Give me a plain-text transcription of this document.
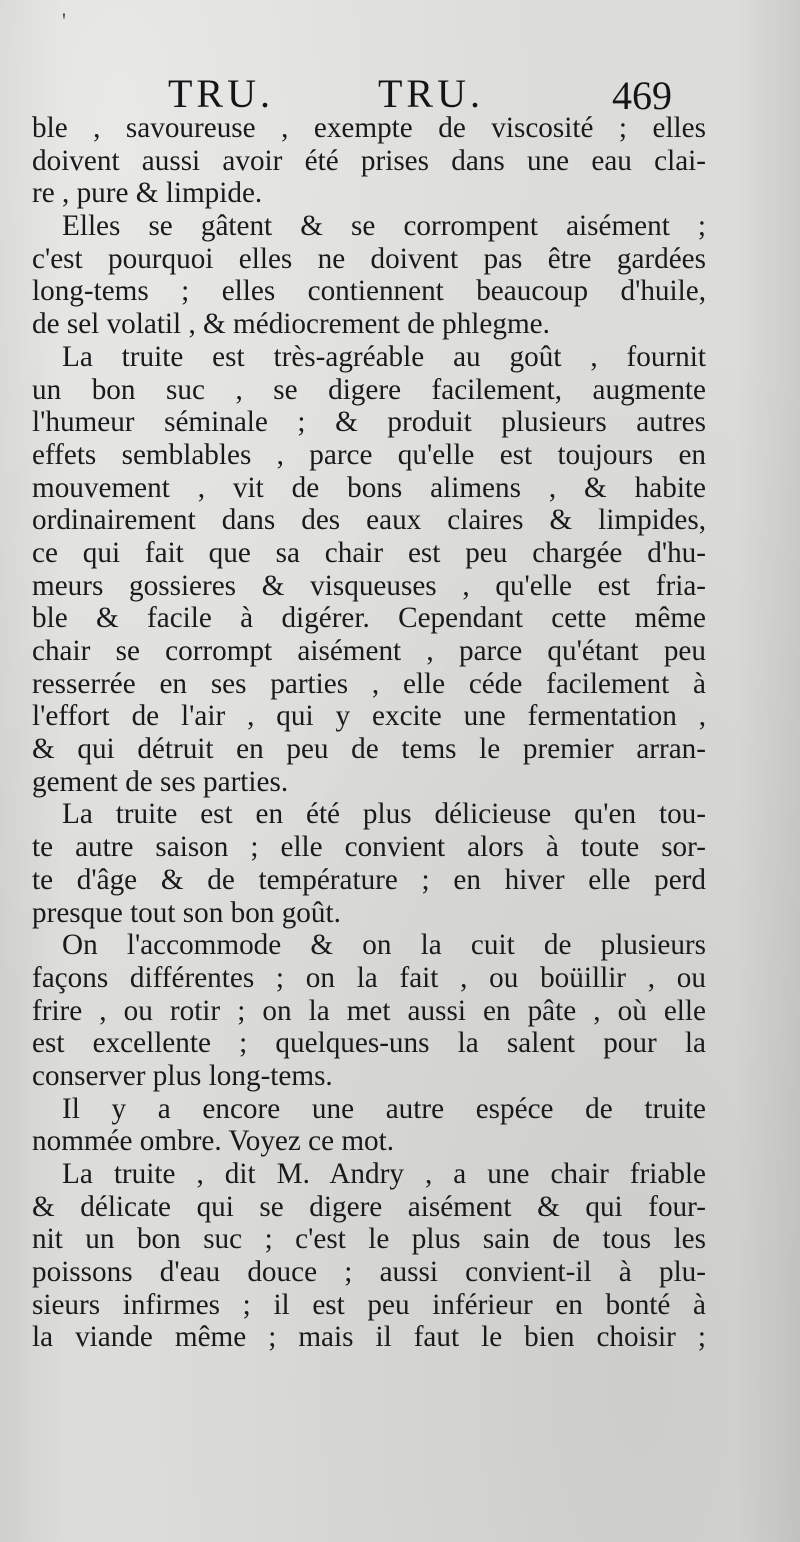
'
TRU.	TRU.	469
ble , savoureuse , exempte de viscosité ; elles
doivent aussi avoir été prises dans une eau clai-
re , pure & limpide.
Elles se gâtent & se corrompent aisément ;
c'est pourquoi elles ne doivent pas être gardées
long-tems ; elles contiennent beaucoup d'huile,
de sel volatil , & médiocrement de phlegme.
La truite est très-agréable au goût , fournit
un bon suc , se digere facilement, augmente
l'humeur séminale ; & produit plusieurs autres
effets semblables , parce qu'elle est toujours en
mouvement , vit de bons alimens , & habite
ordinairement dans des eaux claires & limpides,
ce qui fait que sa chair est peu chargée d'hu-
meurs gossieres & visqueuses , qu'elle est fria-
ble & facile à digérer. Cependant cette même
chair se corrompt aisément , parce qu'étant peu
resserrée en ses parties , elle céde facilement à
l'effort de l'air , qui y excite une fermentation ,
& qui détruit en peu de tems le premier arran-
gement de ses parties.
La truite est en été plus délicieuse qu'en tou-
te autre saison ; elle convient alors à toute sor-
te d'âge & de température ; en hiver elle perd
presque tout son bon goût.
On l'accommode & on la cuit de plusieurs
façons différentes ; on la fait , ou boüillir , ou
frire , ou rotir ; on la met aussi en pâte , où elle
est excellente ; quelques-uns la salent pour la
conserver plus long-tems.
Il y a encore une autre espéce de truite
nommée ombre. Voyez ce mot.
La truite , dit M. Andry , a une chair friable
& délicate qui se digere aisément & qui four-
nit un bon suc ; c'est le plus sain de tous les
poissons d'eau douce ; aussi convient-il à plu-
sieurs infirmes ; il est peu inférieur en bonté à
la viande même ; mais il faut le bien choisir ;
